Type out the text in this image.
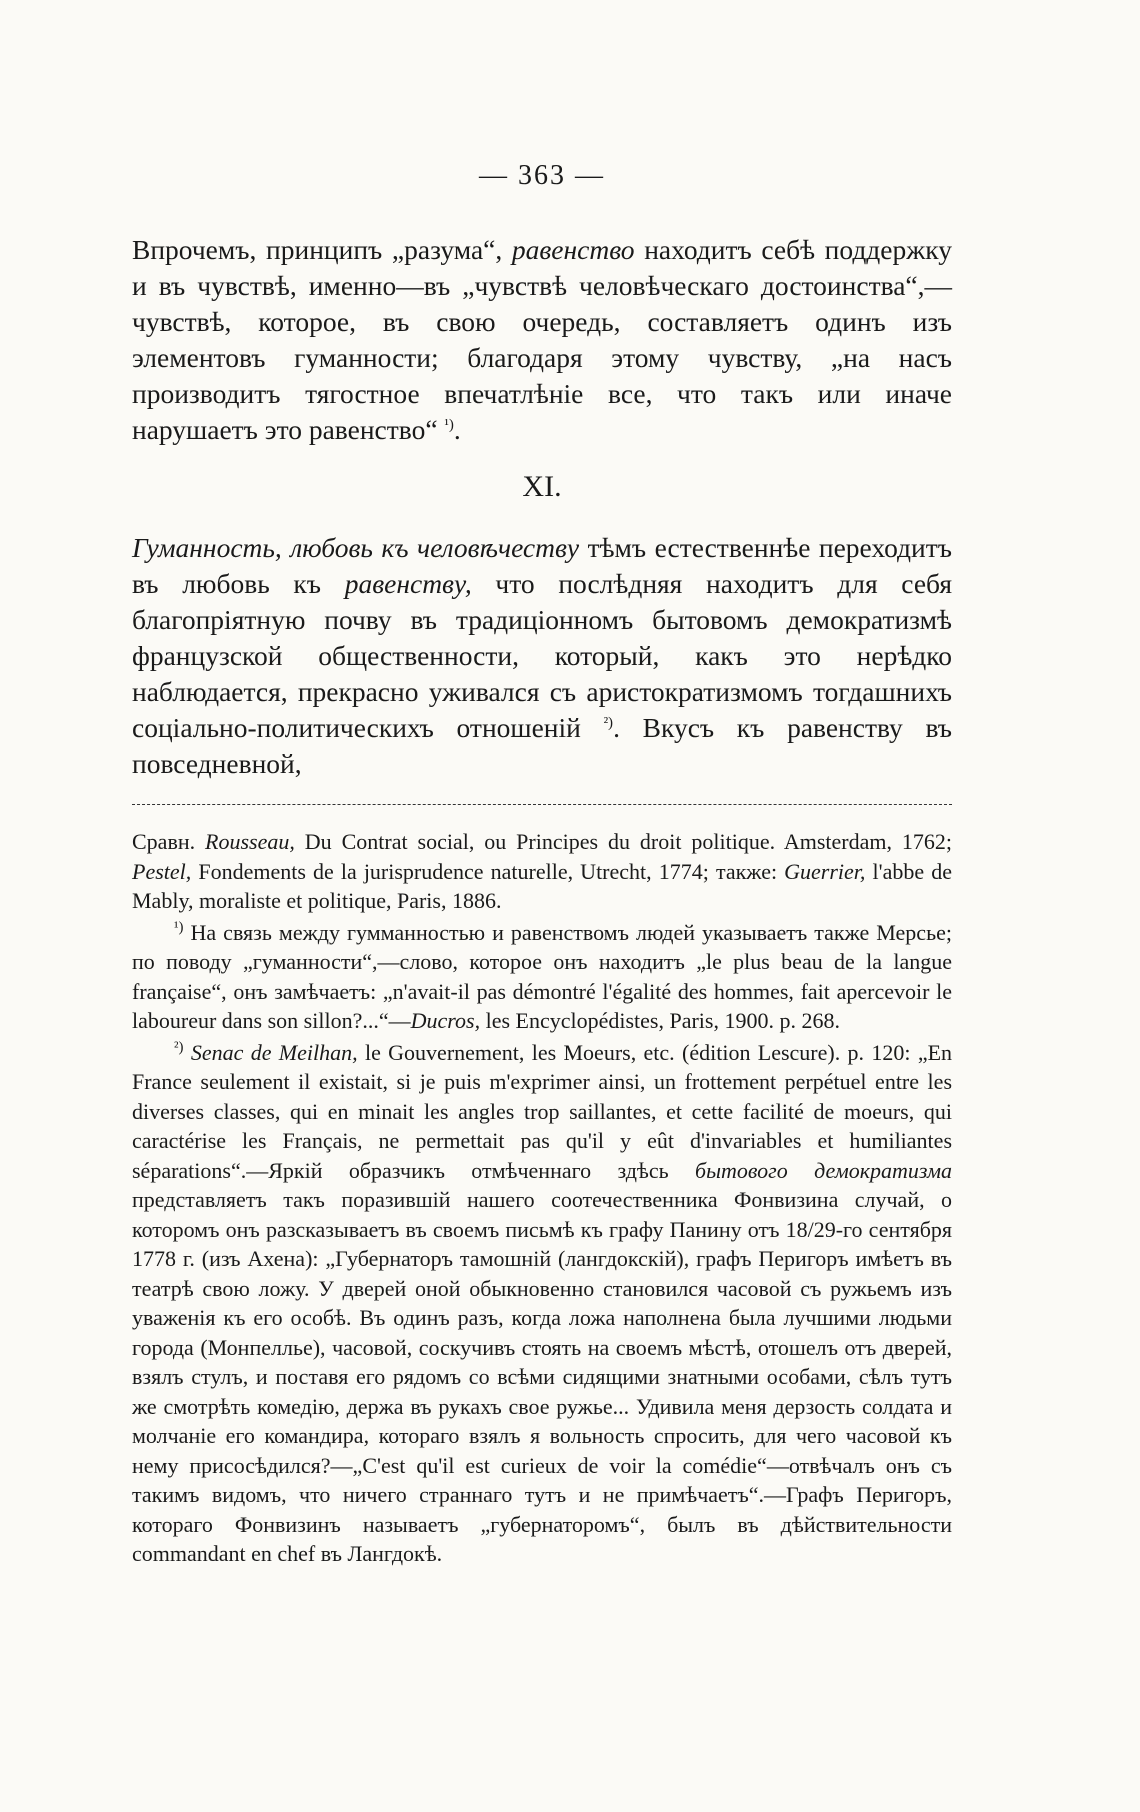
— 363 —

Впрочемъ, принципъ „разума“, равенство находитъ себѣ поддержку и въ чувствѣ, именно—въ „чувствѣ человѣческаго достоинства“,—чувствѣ, которое, въ свою очередь, составляетъ одинъ изъ элементовъ гуманности; благодаря этому чувству, „на насъ производитъ тягостное впечатлѣніе все, что такъ или иначе нарушаетъ это равенство“ $^{^1)}$.

XI.

Гуманность, любовь къ человѣчеству тѣмъ естественнѣе переходитъ въ любовь къ равенству, что послѣдняя находитъ для себя благопріятную почву въ традиціонномъ бытовомъ демократизмѣ французской общественности, который, какъ это нерѣдко наблюдается, прекрасно уживался съ аристократизмомъ тогдашнихъ соціально-политическихъ отношеній $^{^2)}$. Вкусъ къ равенству въ повседневной,

Сравн. Rousseau, Du Contrat social, ou Principes du droit politique. Amsterdam, 1762; Pestel, Fondements de la jurisprudence naturelle, Utrecht, 1774; также: Guerrier, l'abbe de Mably, moraliste et politique, Paris, 1886.

$^{^1)}$ На связь между гумманностью и равенствомъ людей указываетъ также Мерсье; по поводу „гуманности“,—слово, которое онъ находитъ „le plus beau de la langue française“, онъ замѣчаетъ: „n'avait-il pas démontré l'égalité des hommes, fait apercevoir le laboureur dans son sillon?...“—Ducros, les Encyclopédistes, Paris, 1900. p. 268.

$^{^2)}$ Senac de Meilhan, le Gouvernement, les Moeurs, etc. (édition Lescure). p. 120: „En France seulement il existait, si je puis m'exprimer ainsi, un frottement perpétuel entre les diverses classes, qui en minait les angles trop saillantes, et cette facilité de moeurs, qui caractérise les Français, ne permettait pas qu'il y eût d'invariables et humiliantes séparations“.—Яркій образчикъ отмѣченнаго здѣсь бытового демократизма представляетъ такъ поразившій нашего соотечественника Фонвизина случай, о которомъ онъ разсказываетъ въ своемъ письмѣ къ графу Панину отъ 18/29-го сентября 1778 г. (изъ Ахена): „Губернаторъ тамошній (лангдокскій), графъ Перигоръ имѣетъ въ театрѣ свою ложу. У дверей оной обыкновенно становился часовой съ ружьемъ изъ уваженія къ его особѣ. Въ одинъ разъ, когда ложа наполнена была лучшими людьми города (Монпеллье), часовой, соскучивъ стоять на своемъ мѣстѣ, отошелъ отъ дверей, взялъ стулъ, и поставя его рядомъ со всѣми сидящими знатными особами, сѣлъ тутъ же смотрѣть комедію, держа въ рукахъ свое ружье... Удивила меня дерзость солдата и молчаніе его командира, котораго взялъ я вольность спросить, для чего часовой къ нему присосѣдился?—„C'est qu'il est curieux de voir la comédie“—отвѣчалъ онъ съ такимъ видомъ, что ничего страннаго тутъ и не примѣчаетъ“.—Графъ Перигоръ, котораго Фонвизинъ называетъ „губернаторомъ“, былъ въ дѣйствительности commandant en chef въ Лангдокѣ.
